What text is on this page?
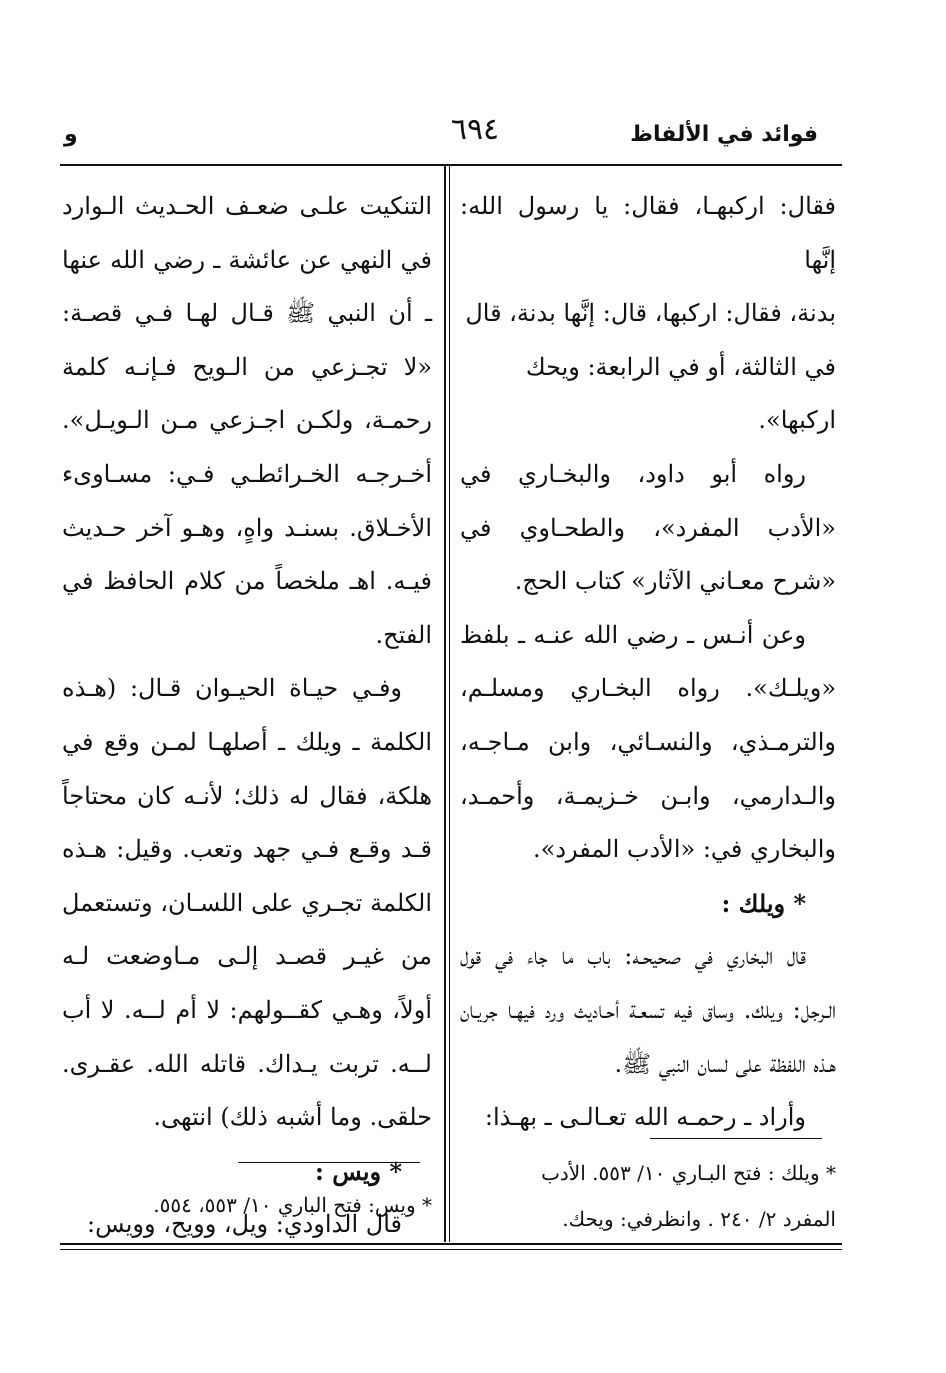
فوائد في الألفاظ
٦٩٤
و

فقال: اركبهـا، فقال: يا رسول الله: إنَّها

بدنة، فقال: اركبها، قال: إنَّها بدنة، قال

في الثالثة، أو في الرابعة: ويحك

اركبها».

رواه أبو داود، والبخـاري في «الأدب المفرد»، والطحـاوي في «شرح معـاني الآثار» كتاب الحج.

وعن أنـس ـ رضي الله عنـه ـ بلفظ «ويلـك». رواه البخـاري ومسلـم، والترمـذي، والنسـائي، وابن مـاجـه، والـدارمي، وابـن خـزيمـة، وأحمـد، والبخاري في: «الأدب المفرد».

* ويلك :

قال البخاري في صحيحـه: باب ما جاء في قول الـرجل: ويلك. وساق فيه تسعـة أحـاديث ورد فيهـا جريـان هـذه اللفظة على لسان النبي ﷺ.

وأراد ـ رحمـه الله تعـالـى ـ بهـذا:

التنكيت علـى ضعـف الحـديث الـوارد في النهي عن عائشة ـ رضي الله عنها ـ أن النبي ﷺ قـال لهـا فـي قصـة: «لا تجـزعي من الـويح فـإنـه كلمة رحمـة، ولكـن اجـزعي مـن الـويـل». أخـرجـه الخـرائطـي فـي: مسـاوىء الأخـلاق. بسنـد واهٍ، وهـو آخر حـديث فيـه. اهـ ملخصاً من كلام الحافظ في الفتح.

وفـي حيـاة الحيـوان قـال: (هـذه الكلمة ـ ويلك ـ أصلهـا لمـن وقع في هلكة، فقال له ذلك؛ لأنـه كان محتاجاً قـد وقـع فـي جهد وتعب. وقيل: هـذه الكلمة تجـري على اللسـان، وتستعمل من غيـر قصـد إلـى مـاوضعت لـه أولاً، وهـي كقــولهم: لا أم لــه. لا أب لــه. تربت يـداك. قاتله الله. عقـرى. حلقى. وما أشبه ذلك) انتهى.

* ويس :

قال الداودي: ويل، وويح، وويس:

* ويلك : فتح البـاري ١٠/ ٥٥٣. الأدب
المفرد ٢/ ٢٤٠ . وانظرفي: ويحك.
* ويس: فتح الباري ١٠/ ٥٥٣، ٥٥٤.
